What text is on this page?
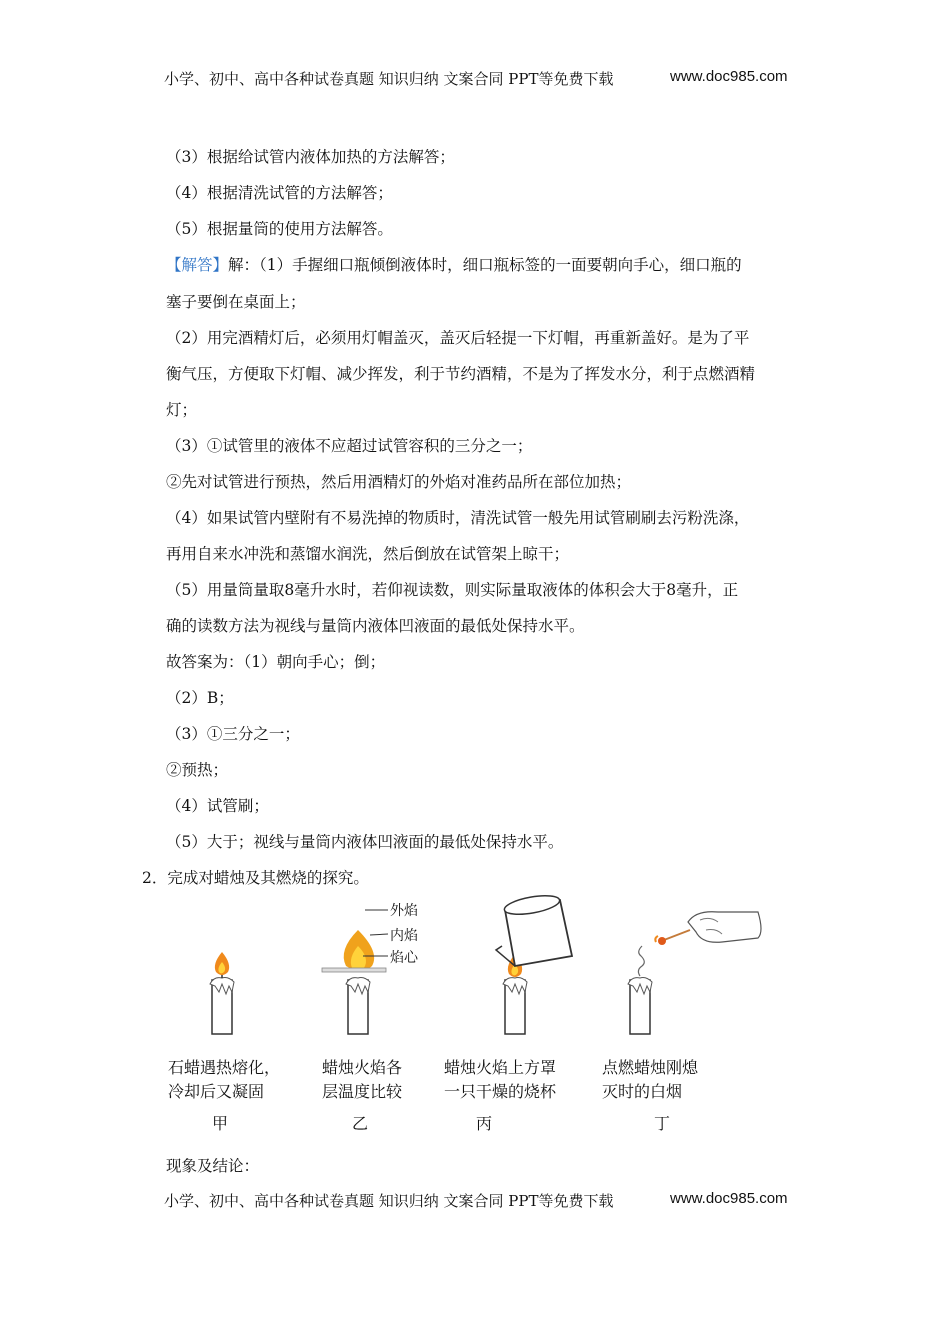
小学、初中、高中各种试卷真题 知识归纳 文案合同 PPT等免费下载	www.doc985.com
（3）根据给试管内液体加热的方法解答；
（4）根据清洗试管的方法解答；
（5）根据量筒的使用方法解答。
【解答】解：（1）手握细口瓶倾倒液体时，细口瓶标签的一面要朝向手心，细口瓶的
塞子要倒在桌面上；
（2）用完酒精灯后，必须用灯帽盖灭，盖灭后轻提一下灯帽，再重新盖好。是为了平
衡气压，方便取下灯帽、减少挥发，利于节约酒精，不是为了挥发水分，利于点燃酒精
灯；
（3）①试管里的液体不应超过试管容积的三分之一；
②先对试管进行预热，然后用酒精灯的外焰对准药品所在部位加热；
（4）如果试管内壁附有不易洗掉的物质时，清洗试管一般先用试管刷刷去污粉洗涤，
再用自来水冲洗和蒸馏水润洗，然后倒放在试管架上晾干；
（5）用量筒量取8毫升水时，若仰视读数，则实际量取液体的体积会大于8毫升，正
确的读数方法为视线与量筒内液体凹液面的最低处保持水平。
故答案为：（1）朝向手心；倒；
（2）B；
（3）①三分之一；
②预热；
（4）试管刷；
（5）大于；视线与量筒内液体凹液面的最低处保持水平。
2．完成对蜡烛及其燃烧的探究。
外焰
内焰
焰心
石蜡遇热熔化，
冷却后又凝固
蜡烛火焰各
层温度比较
蜡烛火焰上方罩
一只干燥的烧杯
点燃蜡烛刚熄
灭时的白烟
甲	乙	丙	丁
现象及结论：
小学、初中、高中各种试卷真题 知识归纳 文案合同 PPT等免费下载	www.doc985.com
